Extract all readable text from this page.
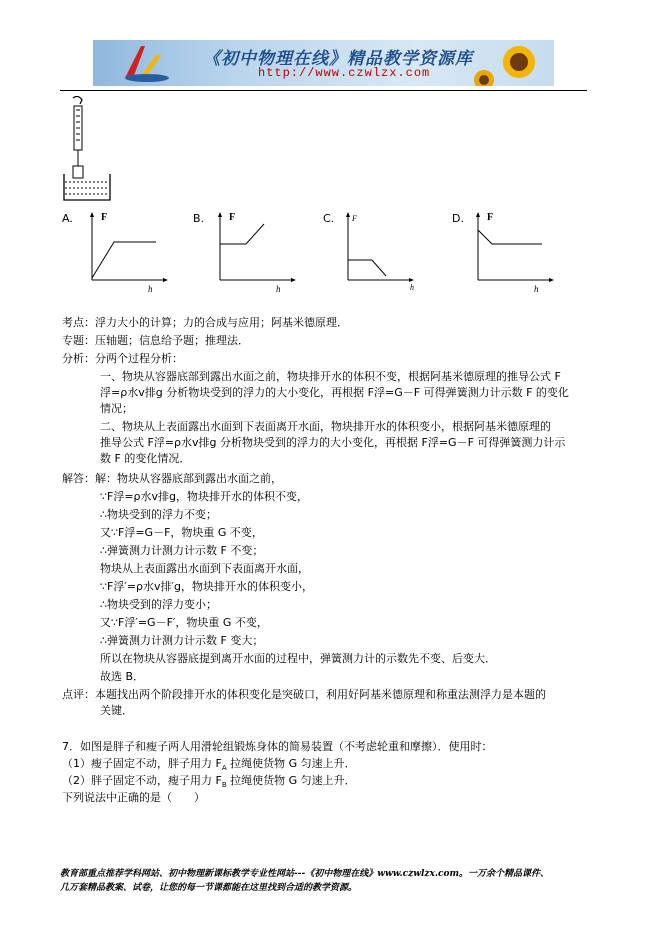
《初中物理在线》精品教学资源库
http://www.czwlzx.com
A.	F
h
B. F
h
C. F
h
D. F
h
考点：浮力大小的计算；力的合成与应用；阿基米德原理．
专题：压轴题；信息给予题；推理法．
分析：分两个过程分析：
一、物块从容器底部到露出水面之前，物块排开水的体积不变，根据阿基米德原理的推导公式 F
浮=ρ水v排g 分析物块受到的浮力的大小变化，再根据 F浮=G－F 可得弹簧测力计示数 F 的变化
情况；
二、物块从上表面露出水面到下表面离开水面，物块排开水的体积变小，根据阿基米德原理的
推导公式 F浮=ρ水v排g 分析物块受到的浮力的大小变化，再根据 F浮=G－F 可得弹簧测力计示
数 F 的变化情况．
解答：解：物块从容器底部到露出水面之前，
∵F浮=ρ水v排g，物块排开水的体积不变，
∴物块受到的浮力不变；
又∵F浮=G－F，物块重 G 不变，
∴弹簧测力计测力计示数 F 不变；
物块从上表面露出水面到下表面离开水面，
∵F浮′=ρ水v排′g，物块排开水的体积变小，
∴物块受到的浮力变小；
又∵F浮′=G－F′，物块重 G 不变，
∴弹簧测力计测力计示数 F 变大；
所以在物块从容器底提到离开水面的过程中，弹簧测力计的示数先不变、后变大．
故选 B．
点评：本题找出两个阶段排开水的体积变化是突破口，利用好阿基米德原理和称重法测浮力是本题的
关键．
7．如图是胖子和瘦子两人用滑轮组锻炼身体的简易装置（不考虑轮重和摩擦）．使用时：
（1）瘦子固定不动，胖子用力 $F_A$ 拉绳使货物 G 匀速上升．
（2）胖子固定不动，瘦子用力 $F_B$ 拉绳使货物 G 匀速上升．
下列说法中正确的是（　　）
教育部重点推荐学科网站、初中物理新课标教学专业性网站---《初中物理在线》www.czwlzx.com。一万余个精品课件、
几万套精品教案、试卷，让您的每一节课都能在这里找到合适的教学资源。
